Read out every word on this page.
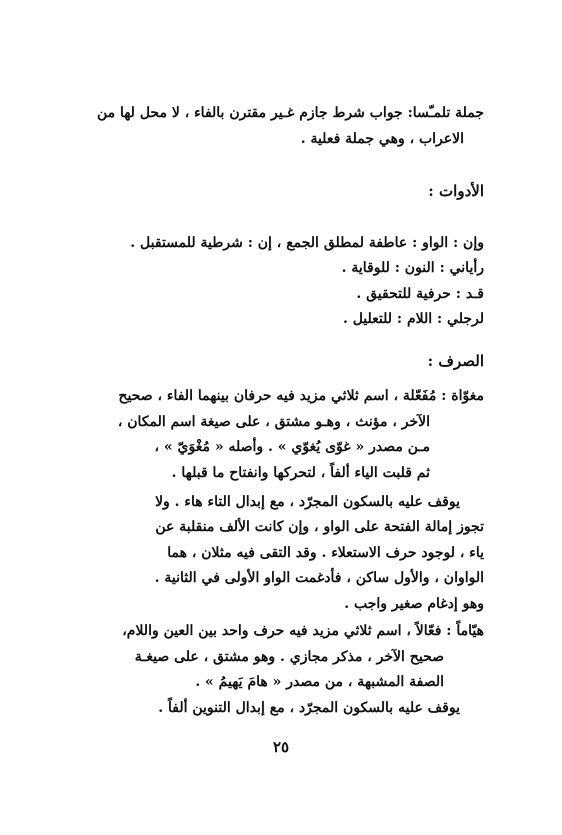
جملة تلمـّسا: جواب شرط جازم غـير مقترن بالفاء ، لا محل لها من
الاعراب ، وهي جملة فعلية .
الأدوات :
وإن : الواو : عاطفة لمطلق الجمع ، إن : شرطية للمستقبل .
رأياني : النون : للوقاية .
قـد : حرفية للتحقيق .
لرجلي : اللام : للتعليل .
الصرف :
مغوّاة : مُفَعّلة ، اسم ثلاثي مزيد فيه حرفان بينهما الفاء ، صحيح
الآخر ، مؤنث ، وهـو مشتق ، على صيغة اسم المكان ،
مـن مصدر « غوّى يُغوّي » . وأصله « مُغْوَيّ » ،
ثم قلبت الياء ألفاً ، لتحركها وانفتاح ما قبلها .
يوقف عليه بالسكون المجرّد ، مع إبدال التاء هاء . ولا
تجوز إمالة الفتحة على الواو ، وإن كانت الألف منقلبة عن
ياء ، لوجود حرف الاستعلاء . وقد التقى فيه مثلان ، هما
الواوان ، والأول ساكن ، فأدغمت الواو الأولى في الثانية .
وهو إدغام صغير واجب .
هيّاماً : فعّالاً ، اسم ثلاثي مزيد فيه حرف واحد بين العين واللام،
صحيح الآخر ، مذكر مجازي . وهو مشتق ، على صيغـة
الصفة المشبهة ، من مصدر « هامَ يَهيمُ » .
يوقف عليه بالسكون المجرّد ، مع إبدال التنوين ألفاً .
٢٥
